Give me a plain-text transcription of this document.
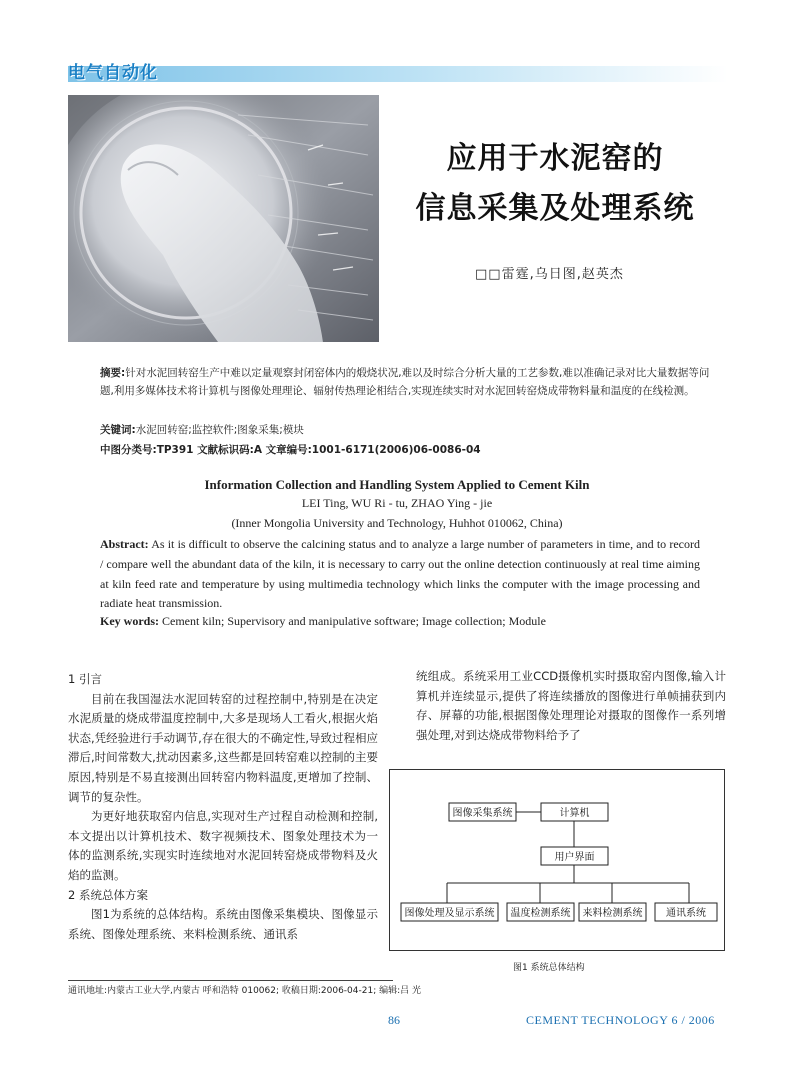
电气自动化
应用于水泥窑的
信息采集及处理系统
□□雷霆,乌日图,赵英杰
摘要:针对水泥回转窑生产中难以定量观察封闭窑体内的煅烧状况,难以及时综合分析大量的工艺参数,难以准确记录对比大量数据等问题,利用多媒体技术将计算机与图像处理理论、辐射传热理论相结合,实现连续实时对水泥回转窑烧成带物料量和温度的在线检测。
关键词:水泥回转窑;监控软件;图象采集;模块
中图分类号:TP391 文献标识码:A 文章编号:1001-6171(2006)06-0086-04
Information Collection and Handling System Applied to Cement Kiln
LEI Ting, WU Ri - tu, ZHAO Ying - jie
(Inner Mongolia University and Technology, Huhhot 010062, China)
Abstract: As it is difficult to observe the calcining status and to analyze a large number of parameters in time, and to record / compare well the abundant data of the kiln, it is necessary to carry out the online detection continuously at real time aiming at kiln feed rate and temperature by using multimedia technology which links the computer with the image processing and radiate heat transmission.
Key words: Cement kiln; Supervisory and manipulative software; Image collection; Module

1 引言

目前在我国湿法水泥回转窑的过程控制中,特别是在决定水泥质量的烧成带温度控制中,大多是现场人工看火,根据火焰状态,凭经验进行手动调节,存在很大的不确定性,导致过程相应滞后,时间常数大,扰动因素多,这些都是回转窑难以控制的主要原因,特别是不易直接测出回转窑内物料温度,更增加了控制、调节的复杂性。

为更好地获取窑内信息,实现对生产过程自动检测和控制,本文提出以计算机技术、数字视频技术、图象处理技术为一体的监测系统,实现实时连续地对水泥回转窑烧成带物料及火焰的监测。

2 系统总体方案

图1为系统的总体结构。系统由图像采集模块、图像显示系统、图像处理系统、来料检测系统、通讯系

统组成。系统采用工业CCD摄像机实时摄取窑内图像,输入计算机并连续显示,提供了将连续播放的图像进行单帧捕获到内存、屏幕的功能,根据图像处理理论对摄取的图像作一系列增强处理,对到达烧成带物料给予了
图像采集系统	计算机
用户界面
图像处理及显示系统 温度检测系统 来料检测系统 通讯系统
图1 系统总体结构
通讯地址:内蒙古工业大学,内蒙古 呼和浩特 010062; 收稿日期:2006-04-21; 编辑:吕 光
86	CEMENT TECHNOLOGY 6 / 2006
